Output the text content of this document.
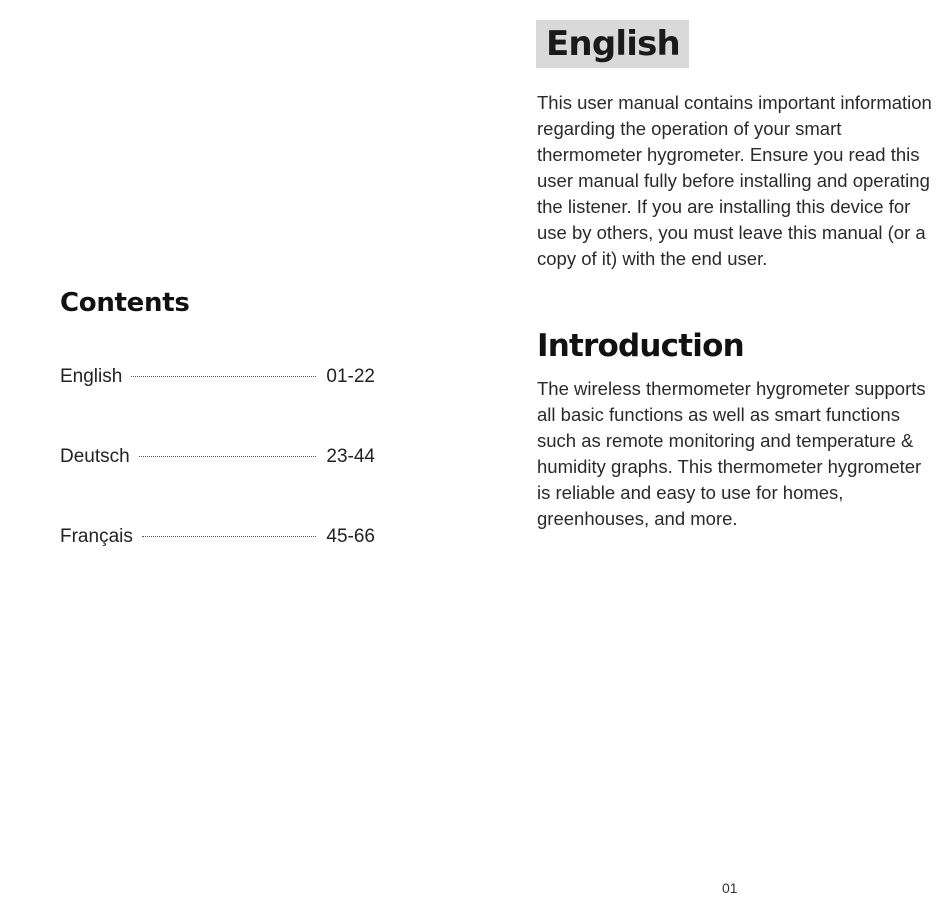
Contents
English	01-22
Deutsch	23-44
Français	45-66
English

This user manual contains important information regarding the operation of your smart thermometer hygrometer. Ensure you read this user manual fully before installing and operating the listener. If you are installing this device for use by others, you must leave this manual (or a copy of it) with the end user.

Introduction

The wireless thermometer hygrometer supports all basic functions as well as smart functions such as remote monitoring and temperature & humidity graphs. This thermometer hygrometer is reliable and easy to use for homes, greenhouses, and more.

01
